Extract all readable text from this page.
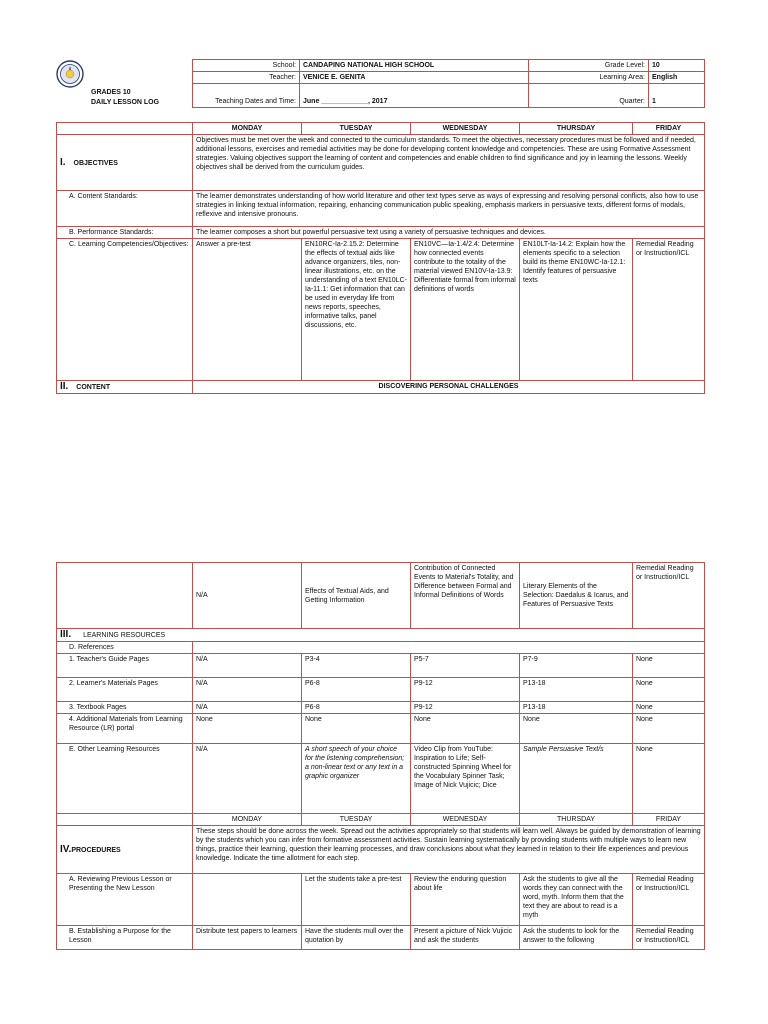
GRADES 10
DAILY LESSON LOG
School:	CANDAPING NATIONAL HIGH SCHOOL	Grade Level:	10
Teacher:	VENICE E. GENITA	Learning Area:	English
Teaching Dates and Time:	June ____________, 2017	Quarter:	1
	MONDAY	TUESDAY	WEDNESDAY	THURSDAY	FRIDAY
I. OBJECTIVES	Objectives must be met over the week and connected to the curriculum standards. To meet the objectives, necessary procedures must be followed and if needed, additional lessons, exercises and remedial activities may be done for developing content knowledge and competencies. These are using Formative Assessment strategies. Valuing objectives support the learning of content and competencies and enable children to find significance and joy in learning the lessons. Weekly objectives shall be derived from the curriculum guides.				
A. Content Standards:	The learner demonstrates understanding of how world literature and other text types serve as ways of expressing and resolving personal conflicts, also how to use strategies in linking textual information, repairing, enhancing communication public speaking, emphasis markers in persuasive texts, different forms of modals, reflexive and intensive pronouns.				
B. Performance Standards:	The learner composes a short but powerful persuasive text using a variety of persuasive techniques and devices.				
C. Learning Competencies/Objectives:	Answer a pre-test	EN10RC-Ia-2.15.2: Determine the effects of textual aids like advance organizers, tiles, non-linear illustrations, etc. on the understanding of a text EN10LC-Ia-11.1: Get information that can be used in everyday life from news reports, speeches, informative talks, panel discussions, etc.	EN10VC—Ia-1.4/2.4: Determine how connected events contribute to the totality of the material viewed EN10V-Ia-13.9: Differentiate formal from informal definitions of words	EN10LT-Ia-14.2: Explain how the elements specific to a selection build its theme EN10WC-Ia-12.1: Identify features of persuasive texts	Remedial Reading or Instruction/ICL
II. CONTENT	DISCOVERING PERSONAL CHALLENGES				
	N/A	Effects of Textual Aids, and Getting Information	Contribution of Connected Events to Material's Totality, and Difference between Formal and Informal Definitions of Words	Literary Elements of the Selection: Daedalus & Icarus, and Features of Persuasive Texts	Remedial Reading or Instruction/ICL
III. LEARNING RESOURCES					
D. References					
1. Teacher's Guide Pages	N/A	P3-4	P5-7	P7-9	None
2. Learner's Materials Pages	N/A	P6-8	P9-12	P13-18	None
3. Textbook Pages	N/A	P6-8	P9-12	P13-18	None
4. Additional Materials from Learning Resource (LR) portal	None	None	None	None	None
E. Other Learning Resources	N/A	A short speech of your choice for the listening comprehension; a non-linear text or any text in a graphic organizer	Video Clip from YouTube: Inspiration to Life; Self-constructed Spinning Wheel for the Vocabulary Spinner Task; Image of Nick Vujicic; Dice	Sample Persuasive Text/s	None
	MONDAY	TUESDAY	WEDNESDAY	THURSDAY	FRIDAY
IV.PROCEDURES	These steps should be done across the week. Spread out the activities appropriately so that students will learn well. Always be guided by demonstration of learning by the students which you can infer from formative assessment activities. Sustain learning systematically by providing students with multiple ways to learn new things, practice their learning, question their learning processes, and draw conclusions about what they learned in relation to their life experiences and previous knowledge. Indicate the time allotment for each step.				
A. Reviewing Previous Lesson or Presenting the New Lesson		Let the students take a pre-test	Review the enduring question about life	Ask the students to give all the words they can connect with the word, myth. Inform them that the text they are about to read is a myth	Remedial Reading or Instruction/ICL
B. Establishing a Purpose for the Lesson	Distribute test papers to learners	Have the students mull over the quotation by	Present a picture of Nick Vujicic and ask the students	Ask the students to look for the answer to the following	Remedial Reading or Instruction/ICL
